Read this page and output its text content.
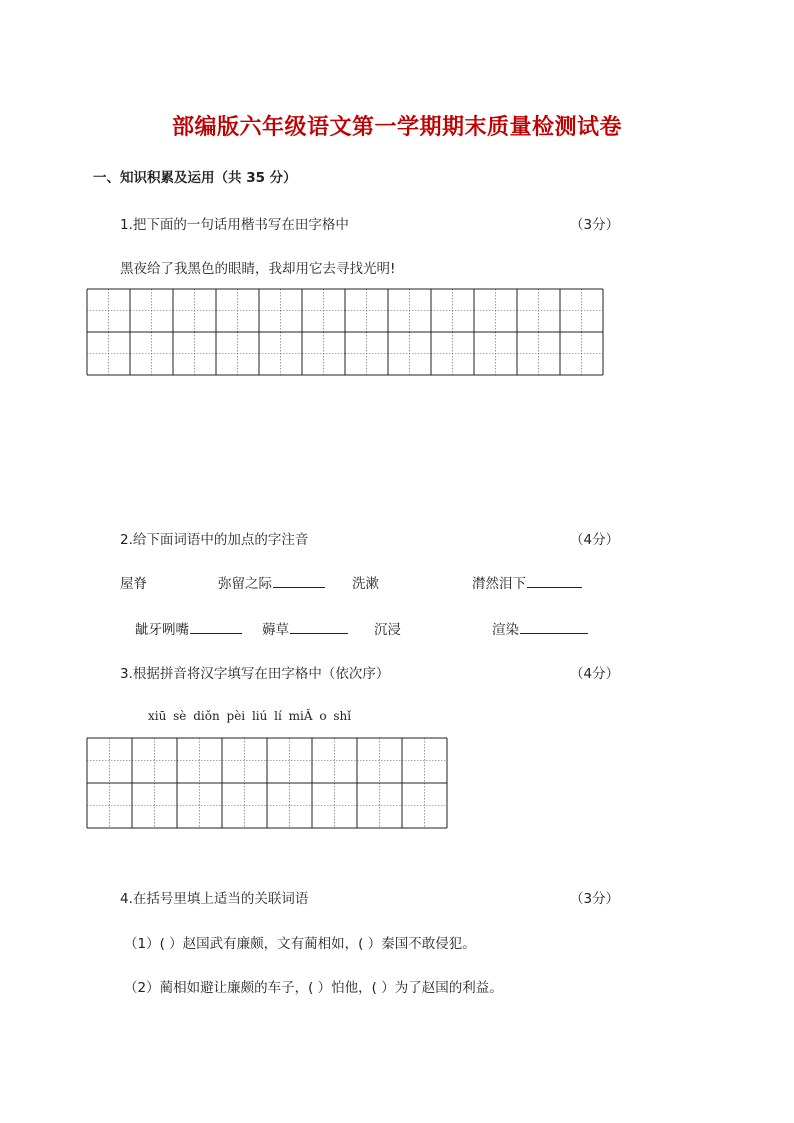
部编版六年级语文第一学期期末质量检测试卷
一、知识积累及运用（共 35 分）
1.把下面的一句话用楷书写在田字格中	（3分）
黑夜给了我黑色的眼睛，我却用它去寻找光明!
2.给下面词语中的加点的字注音	（4分）
屋脊	弥留之际	洗漱	潸然泪下
龇牙咧嘴	薅草	沉浸	渲染
3.根据拼音将汉字填写在田字格中（依次序）	（4分）
xiū sè diǒn pèi liú lí miǍ o shǐ
4.在括号里填上适当的关联词语	（3分）
（1）( ）赵国武有廉颇，文有蔺相如，( ）秦国不敢侵犯。
（2）蔺相如避让廉颇的车子，( ）怕他，( ）为了赵国的利益。
